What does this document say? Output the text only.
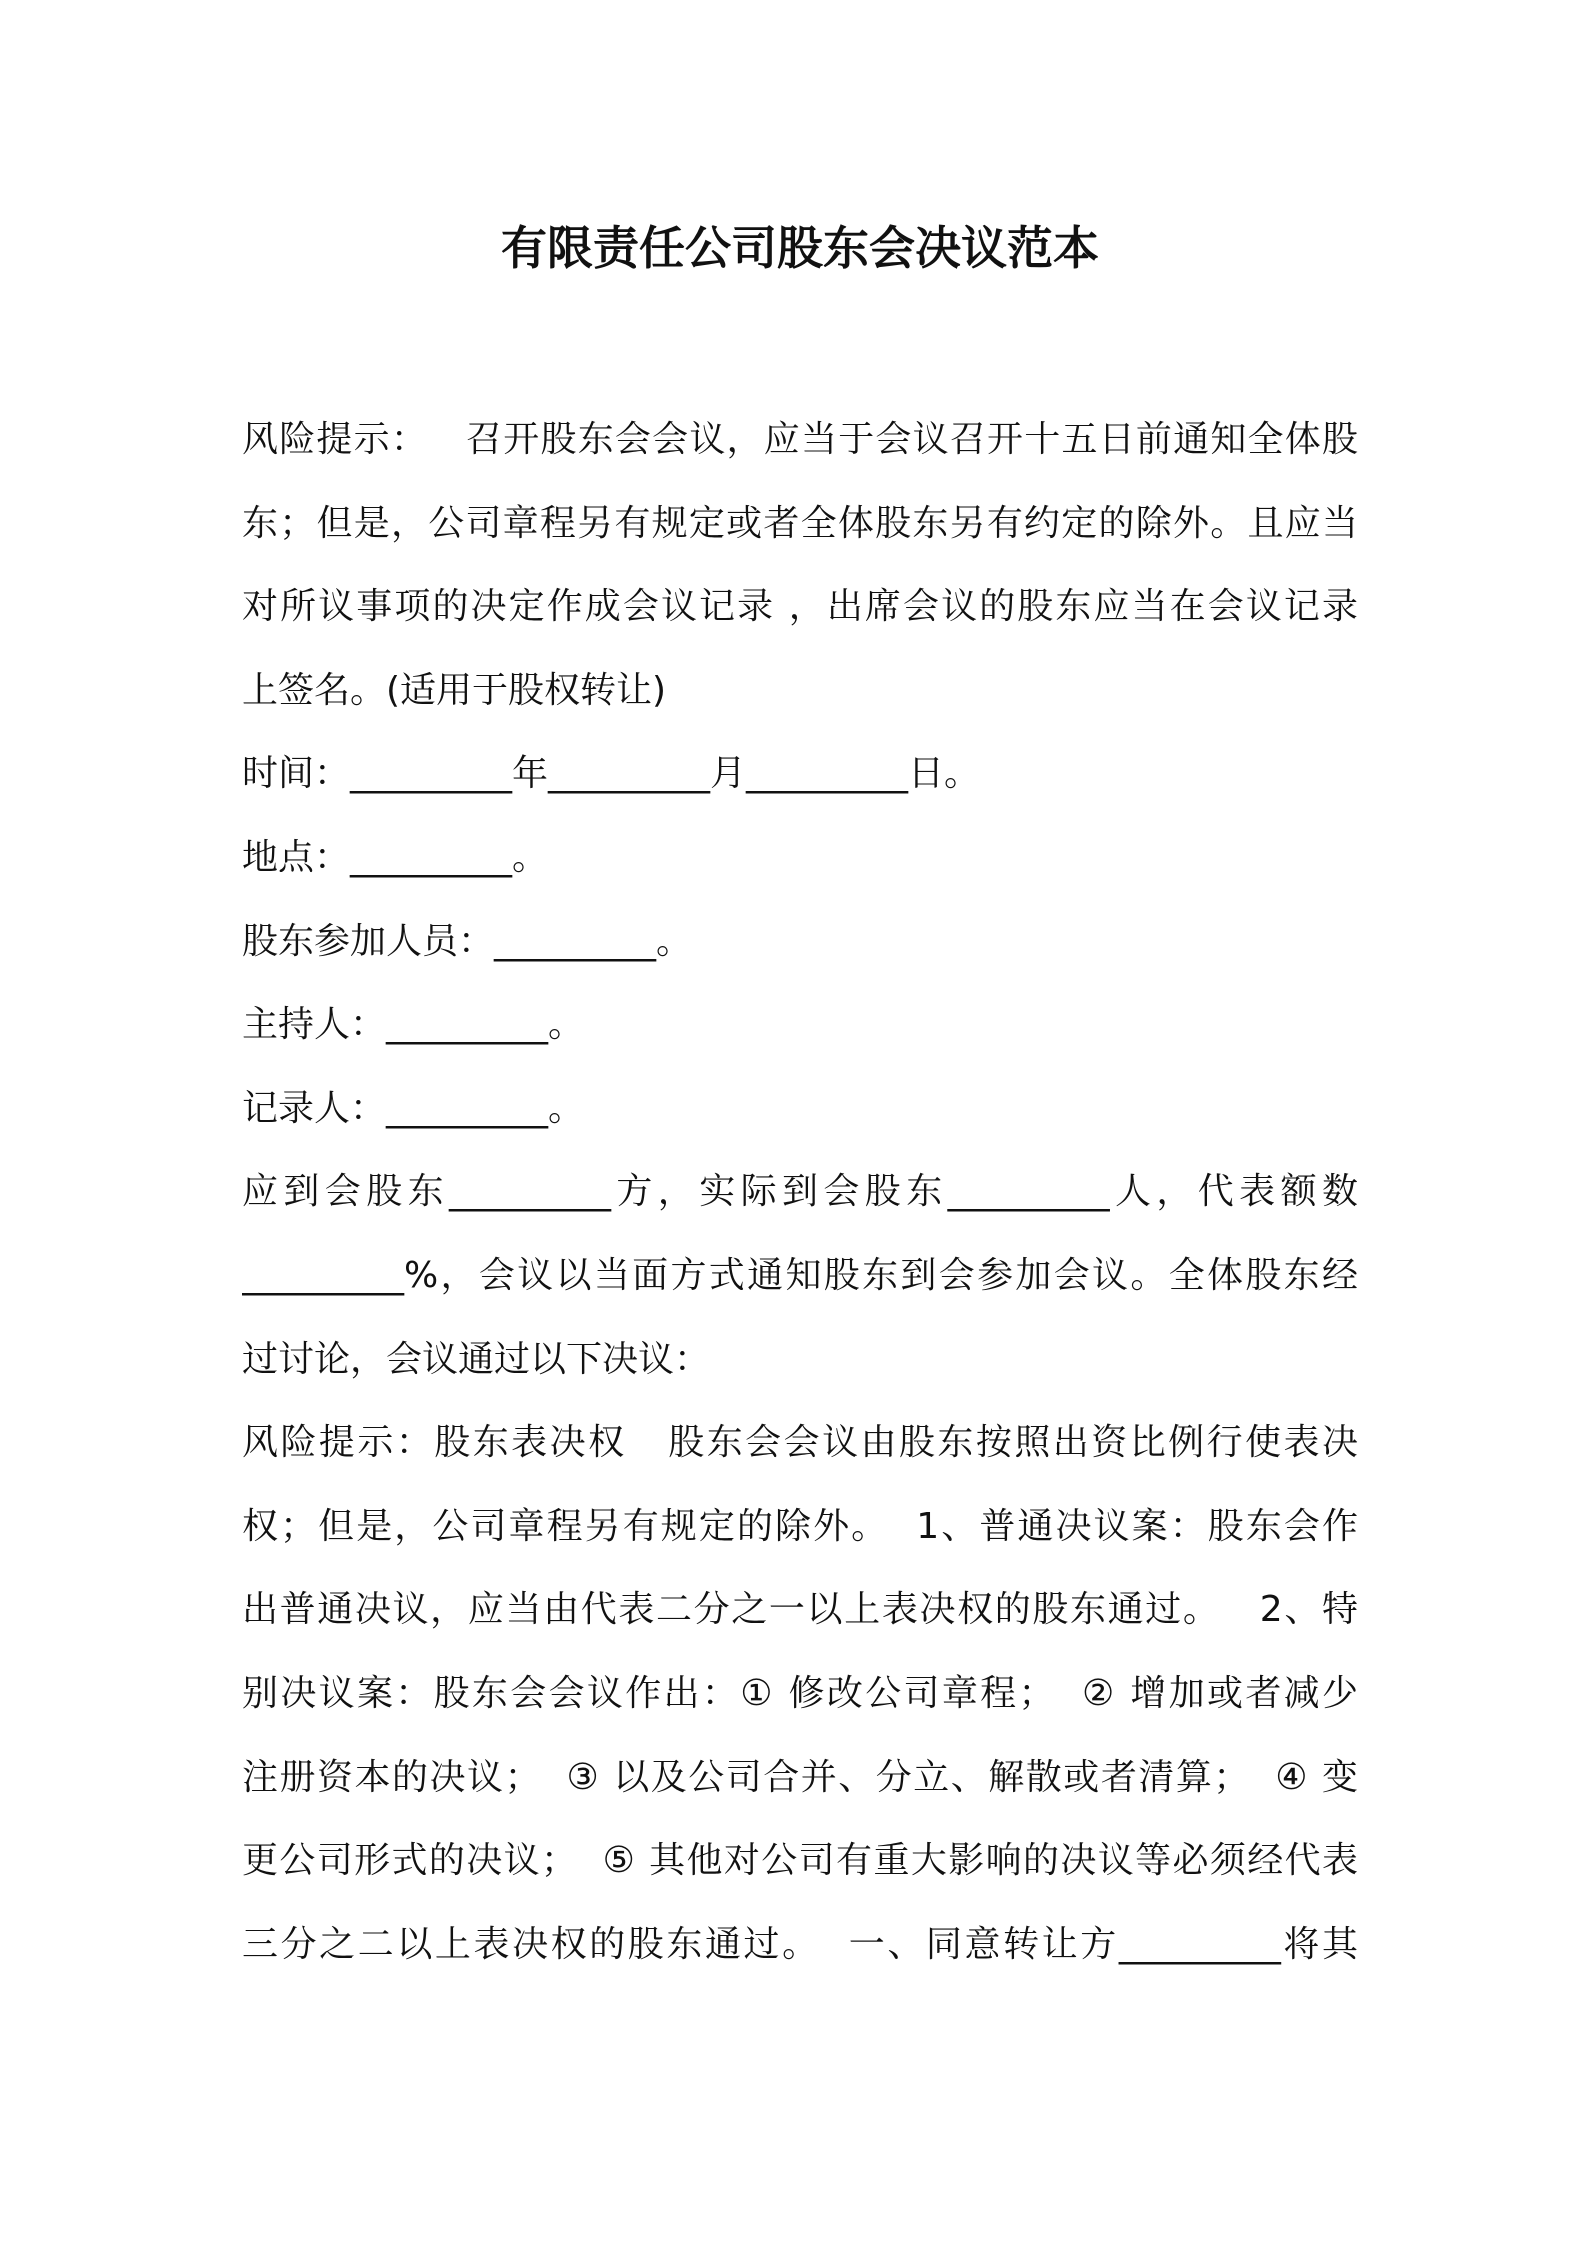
有限责任公司股东会决议范本
风险提示：   召开股东会会议，应当于会议召开十五日前通知全体股
东；但是，公司章程另有规定或者全体股东另有约定的除外。且应当
对所议事项的决定作成会议记录 ，出席会议的股东应当在会议记录
上签名。(适用于股权转让)
时间：_________年_________月_________日。
地点：_________。
股东参加人员：_________。
主持人：_________。
记录人：_________。
应到会股东_________方，实际到会股东_________人，代表额数
_________%，会议以当面方式通知股东到会参加会议。全体股东经
过讨论，会议通过以下决议：
风险提示：股东表决权   股东会会议由股东按照出资比例行使表决
权；但是，公司章程另有规定的除外。  1、普通决议案：股东会作
出普通决议，应当由代表二分之一以上表决权的股东通过。   2、特
别决议案：股东会会议作出：① 修改公司章程；  ② 增加或者减少
注册资本的决议；  ③ 以及公司合并、分立、解散或者清算；  ④ 变
更公司形式的决议；  ⑤ 其他对公司有重大影响的决议等必须经代表
三分之二以上表决权的股东通过。  一、同意转让方_________将其
